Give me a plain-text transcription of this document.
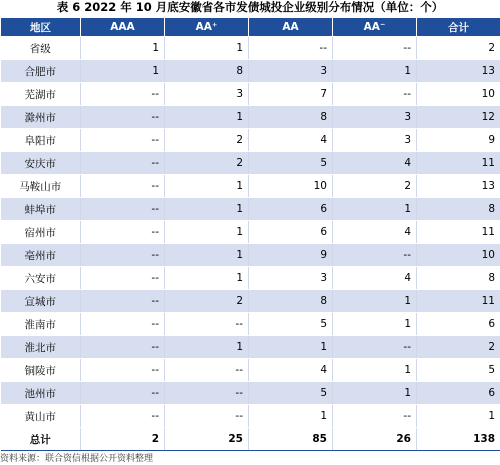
表 6 2022 年 10 月底安徽省各市发债城投企业级别分布情况（单位：个）
地区	AAA	AA⁺	AA	AA⁻	合计
省级	1	1	--	--	2
合肥市	1	8	3	1	13
芜湖市	--	3	7	--	10
滁州市	--	1	8	3	12
阜阳市	--	2	4	3	9
安庆市	--	2	5	4	11
马鞍山市	--	1	10	2	13
蚌埠市	--	1	6	1	8
宿州市	--	1	6	4	11
亳州市	--	1	9	--	10
六安市	--	1	3	4	8
宣城市	--	2	8	1	11
淮南市	--	--	5	1	6
淮北市	--	1	1	--	2
铜陵市	--	--	4	1	5
池州市	--	--	5	1	6
黄山市	--	--	1	--	1
总计	2	25	85	26	138
资料来源：联合资信根据公开资料整理
